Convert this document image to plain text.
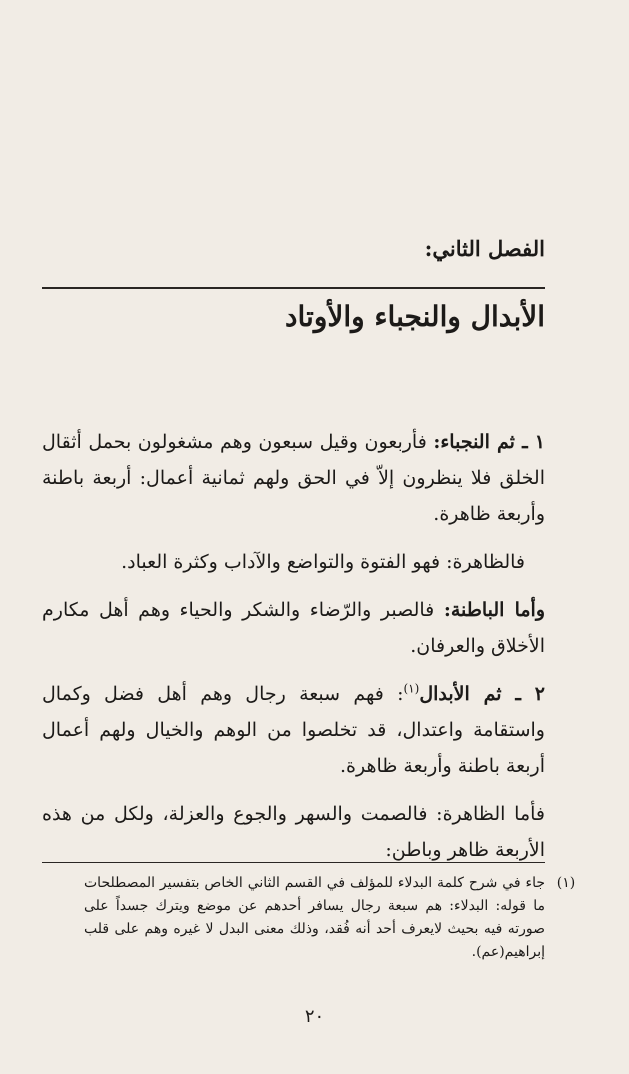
الفصل الثاني:
الأبدال والنجباء والأوتاد

١ ـ ثم النجباء: فأربعون وقيل سبعون وهم مشغولون بحمل أثقال الخلق فلا ينظرون إلاّ في الحق ولهم ثمانية أعمال: أربعة باطنة وأربعة ظاهرة.

فالظاهرة: فهو الفتوة والتواضع والآداب وكثرة العباد.

وأما الباطنة: فالصبر والرّضاء والشكر والحياء وهم أهل مكارم الأخلاق والعرفان.

٢ ـ ثم الأبدال$^{(١)}$: فهم سبعة رجال وهم أهل فضل وكمال واستقامة واعتدال، قد تخلصوا من الوهم والخيال ولهم أعمال أربعة باطنة وأربعة ظاهرة.

فأما الظاهرة: فالصمت والسهر والجوع والعزلة، ولكل من هذه الأربعة ظاهر وباطن:

(١)
جاء في شرح كلمة البدلاء للمؤلف في القسم الثاني الخاص بتفسير المصطلحات ما قوله: البدلاء: هم سبعة رجال يسافر أحدهم عن موضع ويترك جسداً على صورته فيه بحيث لايعرف أحد أنه فُقد، وذلك معنى البدل لا غيره وهم على قلب إبراهيم(عم).
٢٠
